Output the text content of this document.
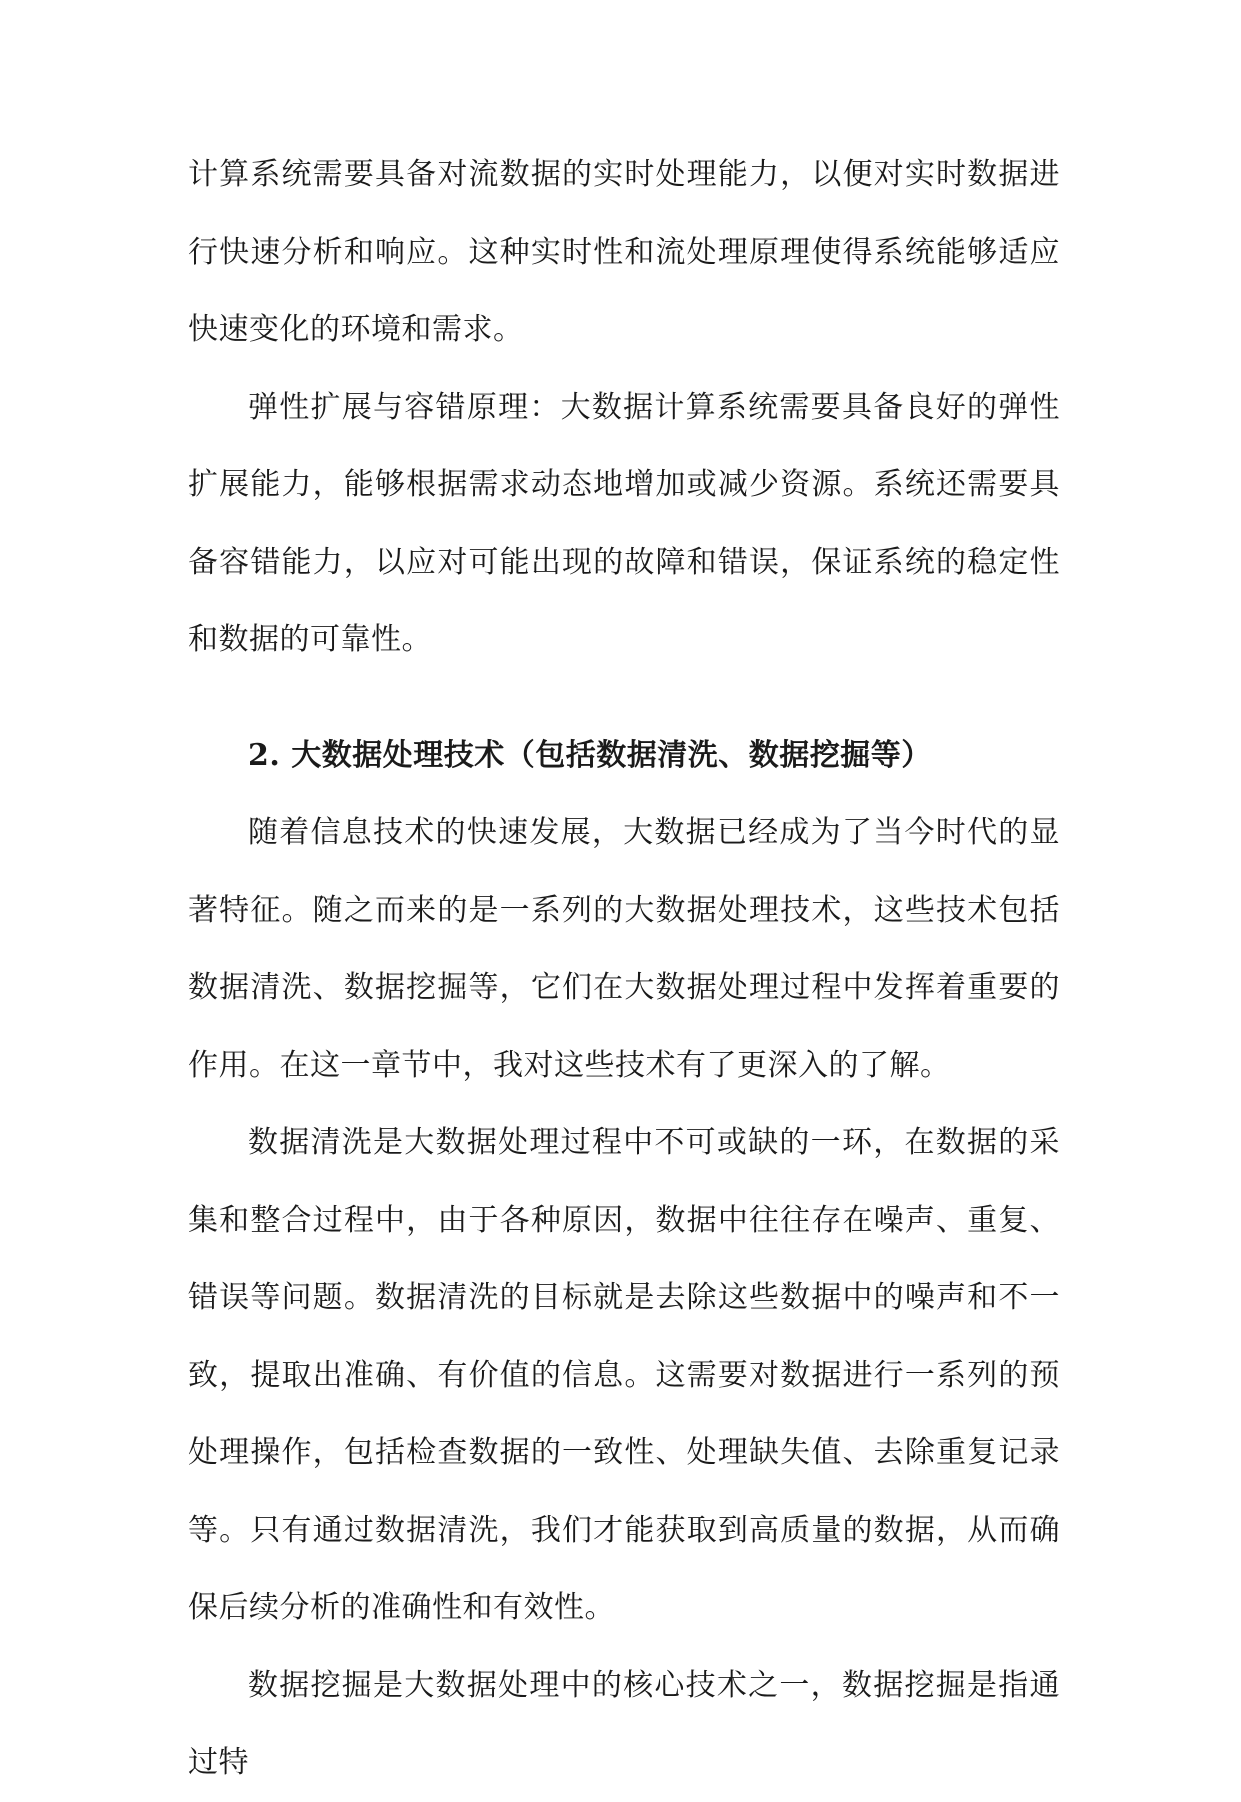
计算系统需要具备对流数据的实时处理能力，以便对实时数据进行快速分析和响应。这种实时性和流处理原理使得系统能够适应快速变化的环境和需求。

弹性扩展与容错原理：大数据计算系统需要具备良好的弹性扩展能力，能够根据需求动态地增加或减少资源。系统还需要具备容错能力，以应对可能出现的故障和错误，保证系统的稳定性和数据的可靠性。

2. 大数据处理技术（包括数据清洗、数据挖掘等）

随着信息技术的快速发展，大数据已经成为了当今时代的显著特征。随之而来的是一系列的大数据处理技术，这些技术包括数据清洗、数据挖掘等，它们在大数据处理过程中发挥着重要的作用。在这一章节中，我对这些技术有了更深入的了解。

数据清洗是大数据处理过程中不可或缺的一环，在数据的采集和整合过程中，由于各种原因，数据中往往存在噪声、重复、错误等问题。数据清洗的目标就是去除这些数据中的噪声和不一致，提取出准确、有价值的信息。这需要对数据进行一系列的预处理操作，包括检查数据的一致性、处理缺失值、去除重复记录等。只有通过数据清洗，我们才能获取到高质量的数据，从而确保后续分析的准确性和有效性。

数据挖掘是大数据处理中的核心技术之一，数据挖掘是指通过特
